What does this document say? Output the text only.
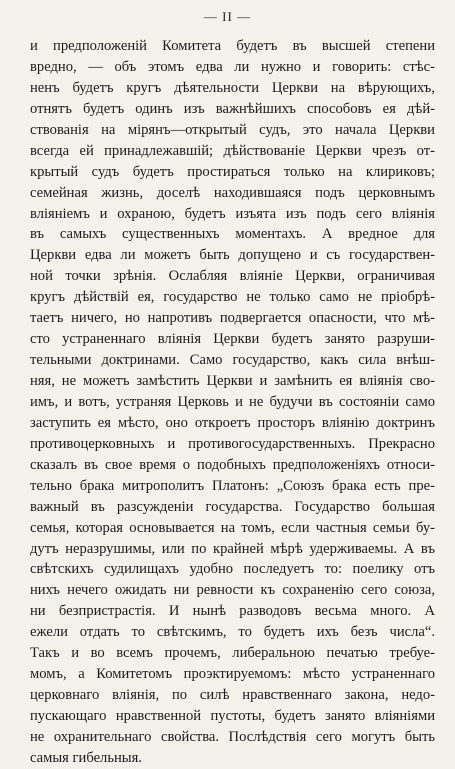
— II —
и предположеній Комитета будетъ въ высшей степени
вредно, — объ этомъ едва ли нужно и говорить: стѣс-
ненъ будетъ кругъ дѣятельности Церкви на вѣрующихъ,
отнятъ будетъ одинъ изъ важнѣйшихъ способовъ ея дѣй-
ствованія на мірянъ—открытый судъ, это начала Церкви
всегда ей принадлежавшій; дѣйствованіе Церкви чрезъ от-
крытый судъ будетъ простираться только на клириковъ;
семейная жизнь, доселѣ находившаяся подъ церковнымъ
вліяніемъ и охраною, будетъ изъята изъ подъ сего вліянія
въ самыхъ существенныхъ моментахъ. А вредное для
Церкви едва ли можетъ быть допущено и съ государствен-
ной точки зрѣнія. Ослабляя вліяніе Церкви, ограничивая
кругъ дѣйствій ея, государство не только само не пріобрѣ-
таетъ ничего, но напротивъ подвергается опасности, что мѣ-
сто устраненнаго вліянія Церкви будетъ занято разруши-
тельными доктринами. Само государство, какъ сила внѣш-
няя, не можетъ замѣстить Церкви и замѣнить ея вліянія сво-
имъ, и вотъ, устраняя Церковь и не будучи въ состояніи само
заступить ея мѣсто, оно откроетъ просторъ вліянію доктринъ
противоцерковныхъ и противогосударственныхъ. Прекрасно
сказалъ въ свое время о подобныхъ предположеніяхъ относи-
тельно брака митрополитъ Платонъ: „Союзъ брака есть пре-
важный въ разсужденіи государства. Государство большая
семья, которая основывается на томъ, если частныя семьи бу-
дутъ неразрушимы, или по крайней мѣрѣ удерживаемы. А въ
свѣтскихъ судилищахъ удобно последуетъ то: поелику отъ
нихъ нечего ожидать ни ревности къ сохраненію сего союза,
ни безпристрастія. И нынѣ разводовъ весьма много. А
ежели отдать то свѣтскимъ, то будетъ ихъ безъ числа“.
Такъ и во всемъ прочемъ, либеральною печатью требуе-
момъ, а Комитетомъ проэктируемомъ: мѣсто устраненнаго
церковнаго вліянія, по силѣ нравственнаго закона, недо-
пускающаго нравственной пустоты, будетъ занято вліяніями
не охранительнаго свойства. Послѣдствія сего могутъ быть
самыя гибельныя.
